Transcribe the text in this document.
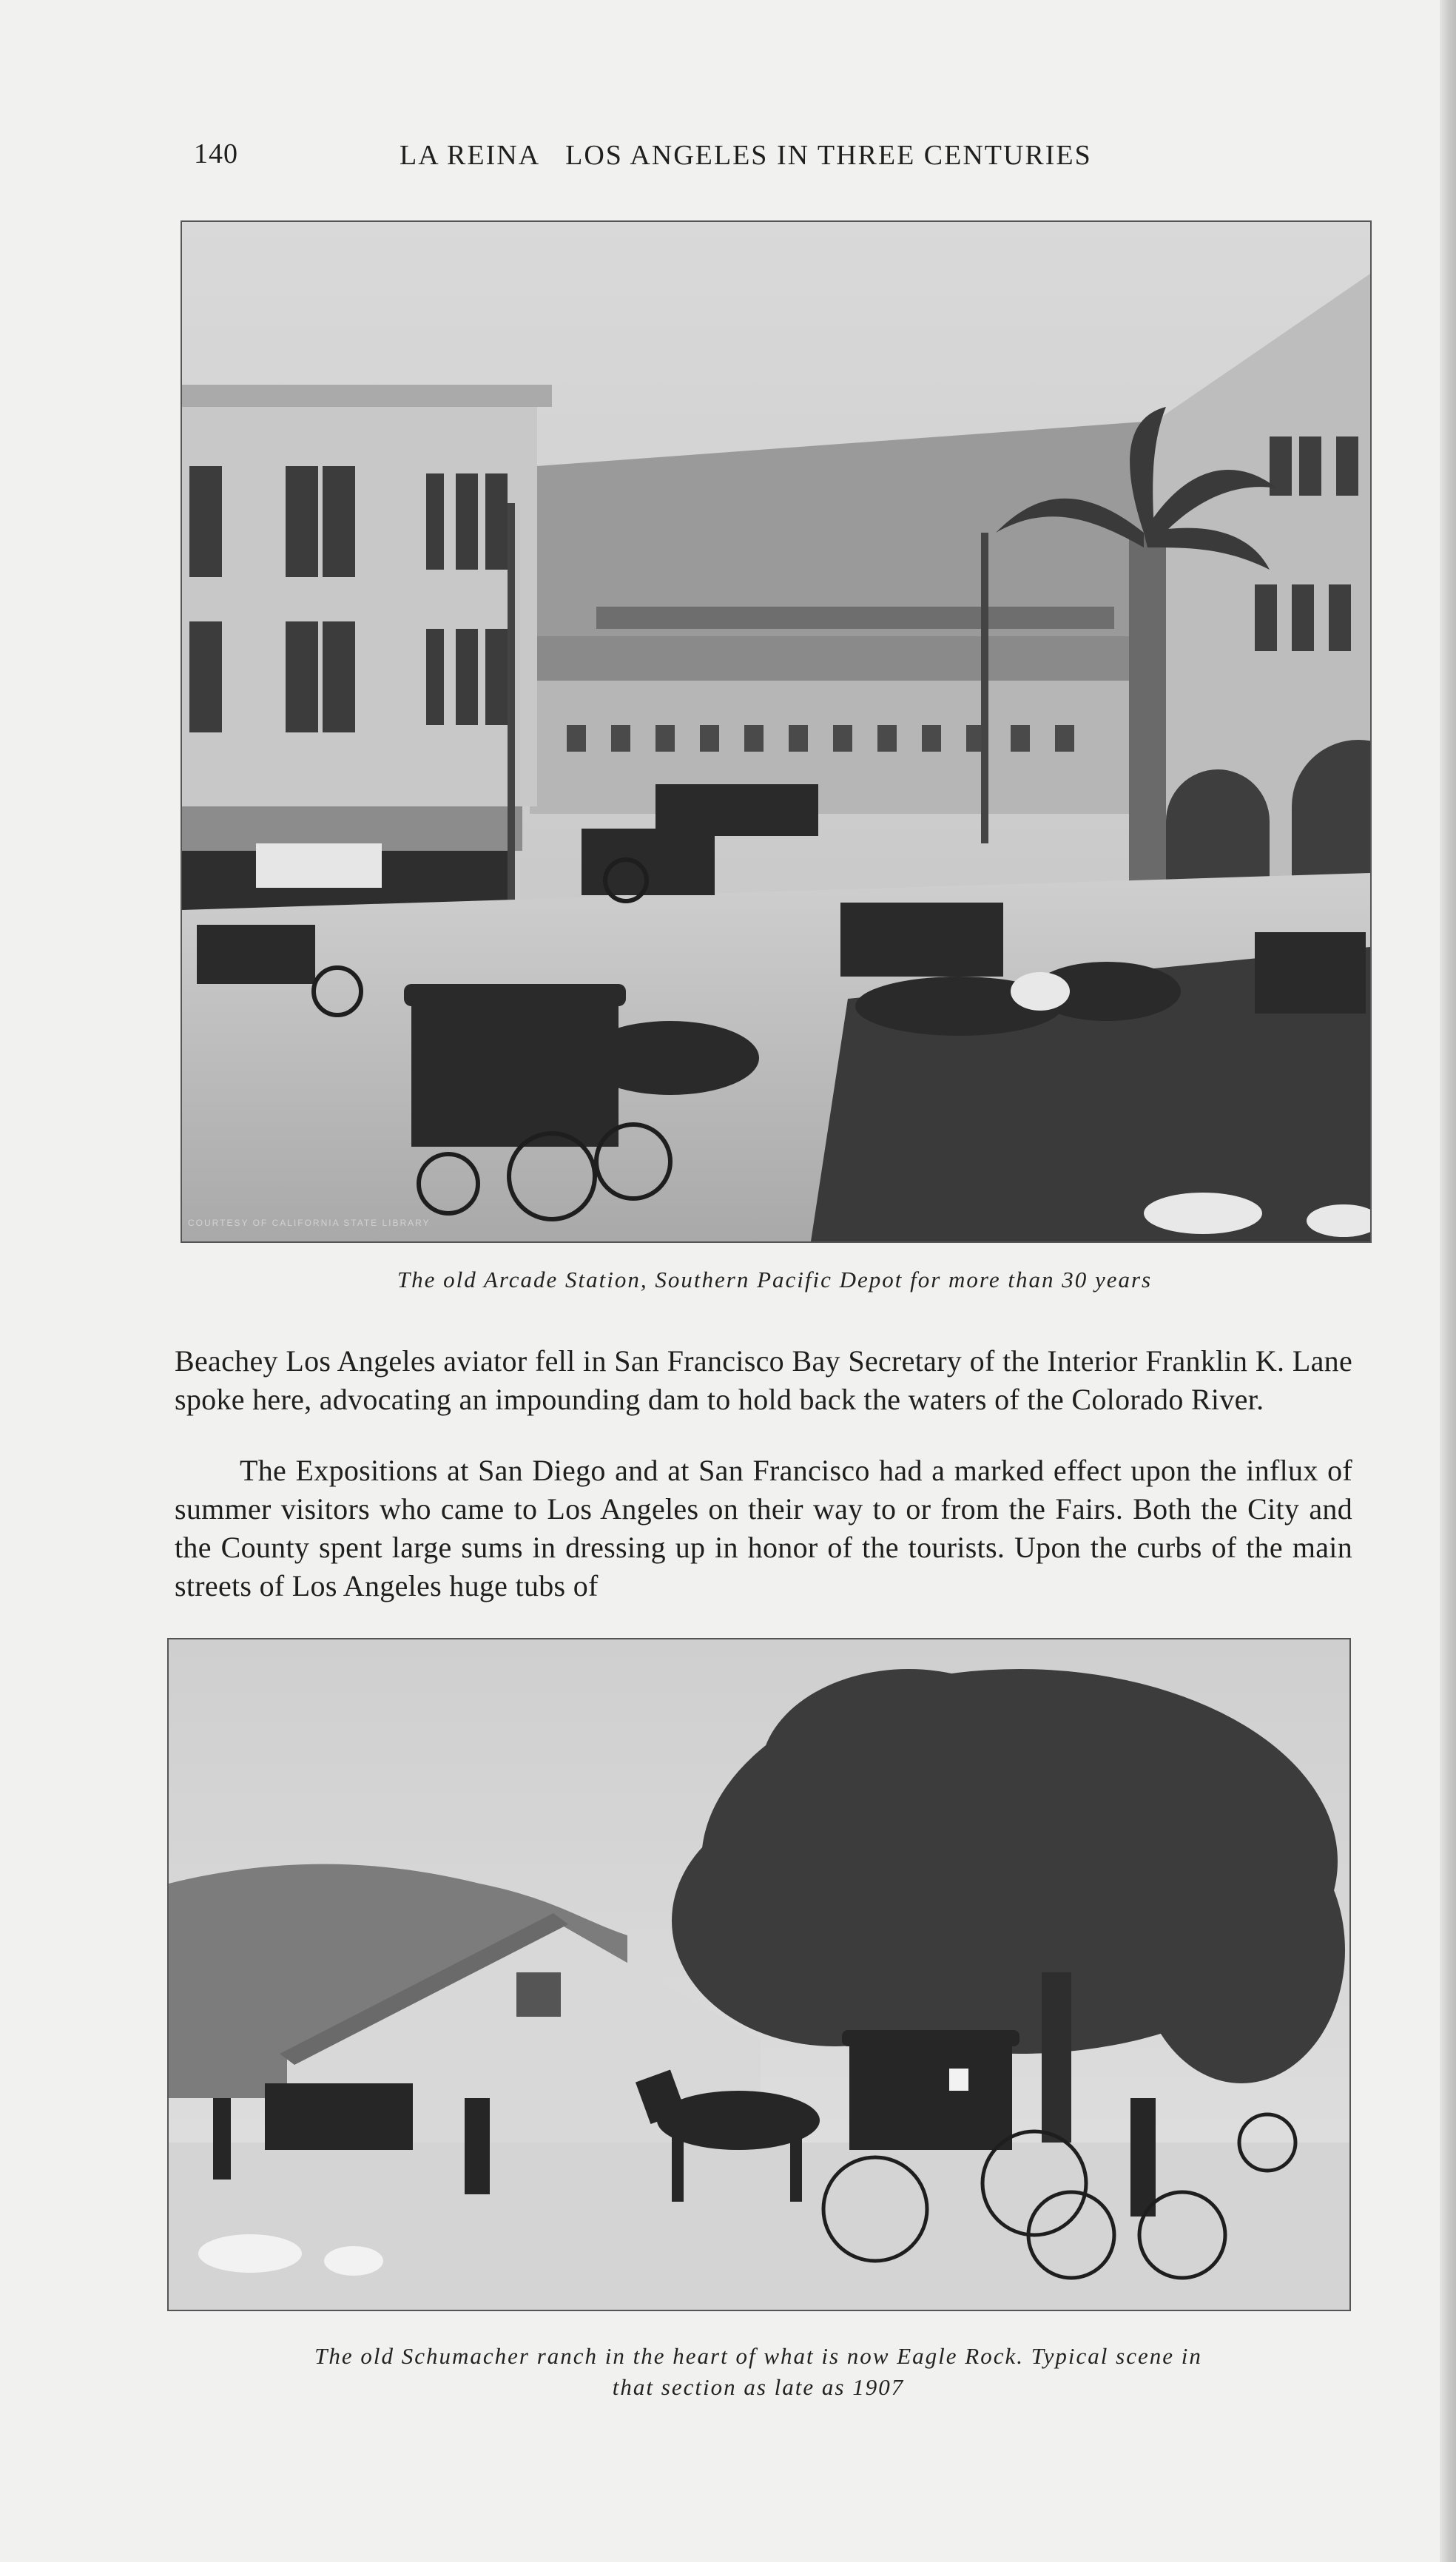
140	LA REINA LOS ANGELES IN THREE CENTURIES
COURTESY OF CALIFORNIA STATE LIBRARY
The old Arcade Station, Southern Pacific Depot for more than 30 years

Beachey Los Angeles aviator fell in San Francisco Bay Secretary of the Interior Franklin K. Lane spoke here, advocating an impounding dam to hold back the waters of the Colorado River.

The Expositions at San Diego and at San Francisco had a marked effect upon the influx of summer visitors who came to Los Angeles on their way to or from the Fairs. Both the City and the County spent large sums in dressing up in honor of the tourists. Upon the curbs of the main streets of Los Angeles huge tubs of

The old Schumacher ranch in the heart of what is now Eagle Rock. Typical scene in
that section as late as 1907
